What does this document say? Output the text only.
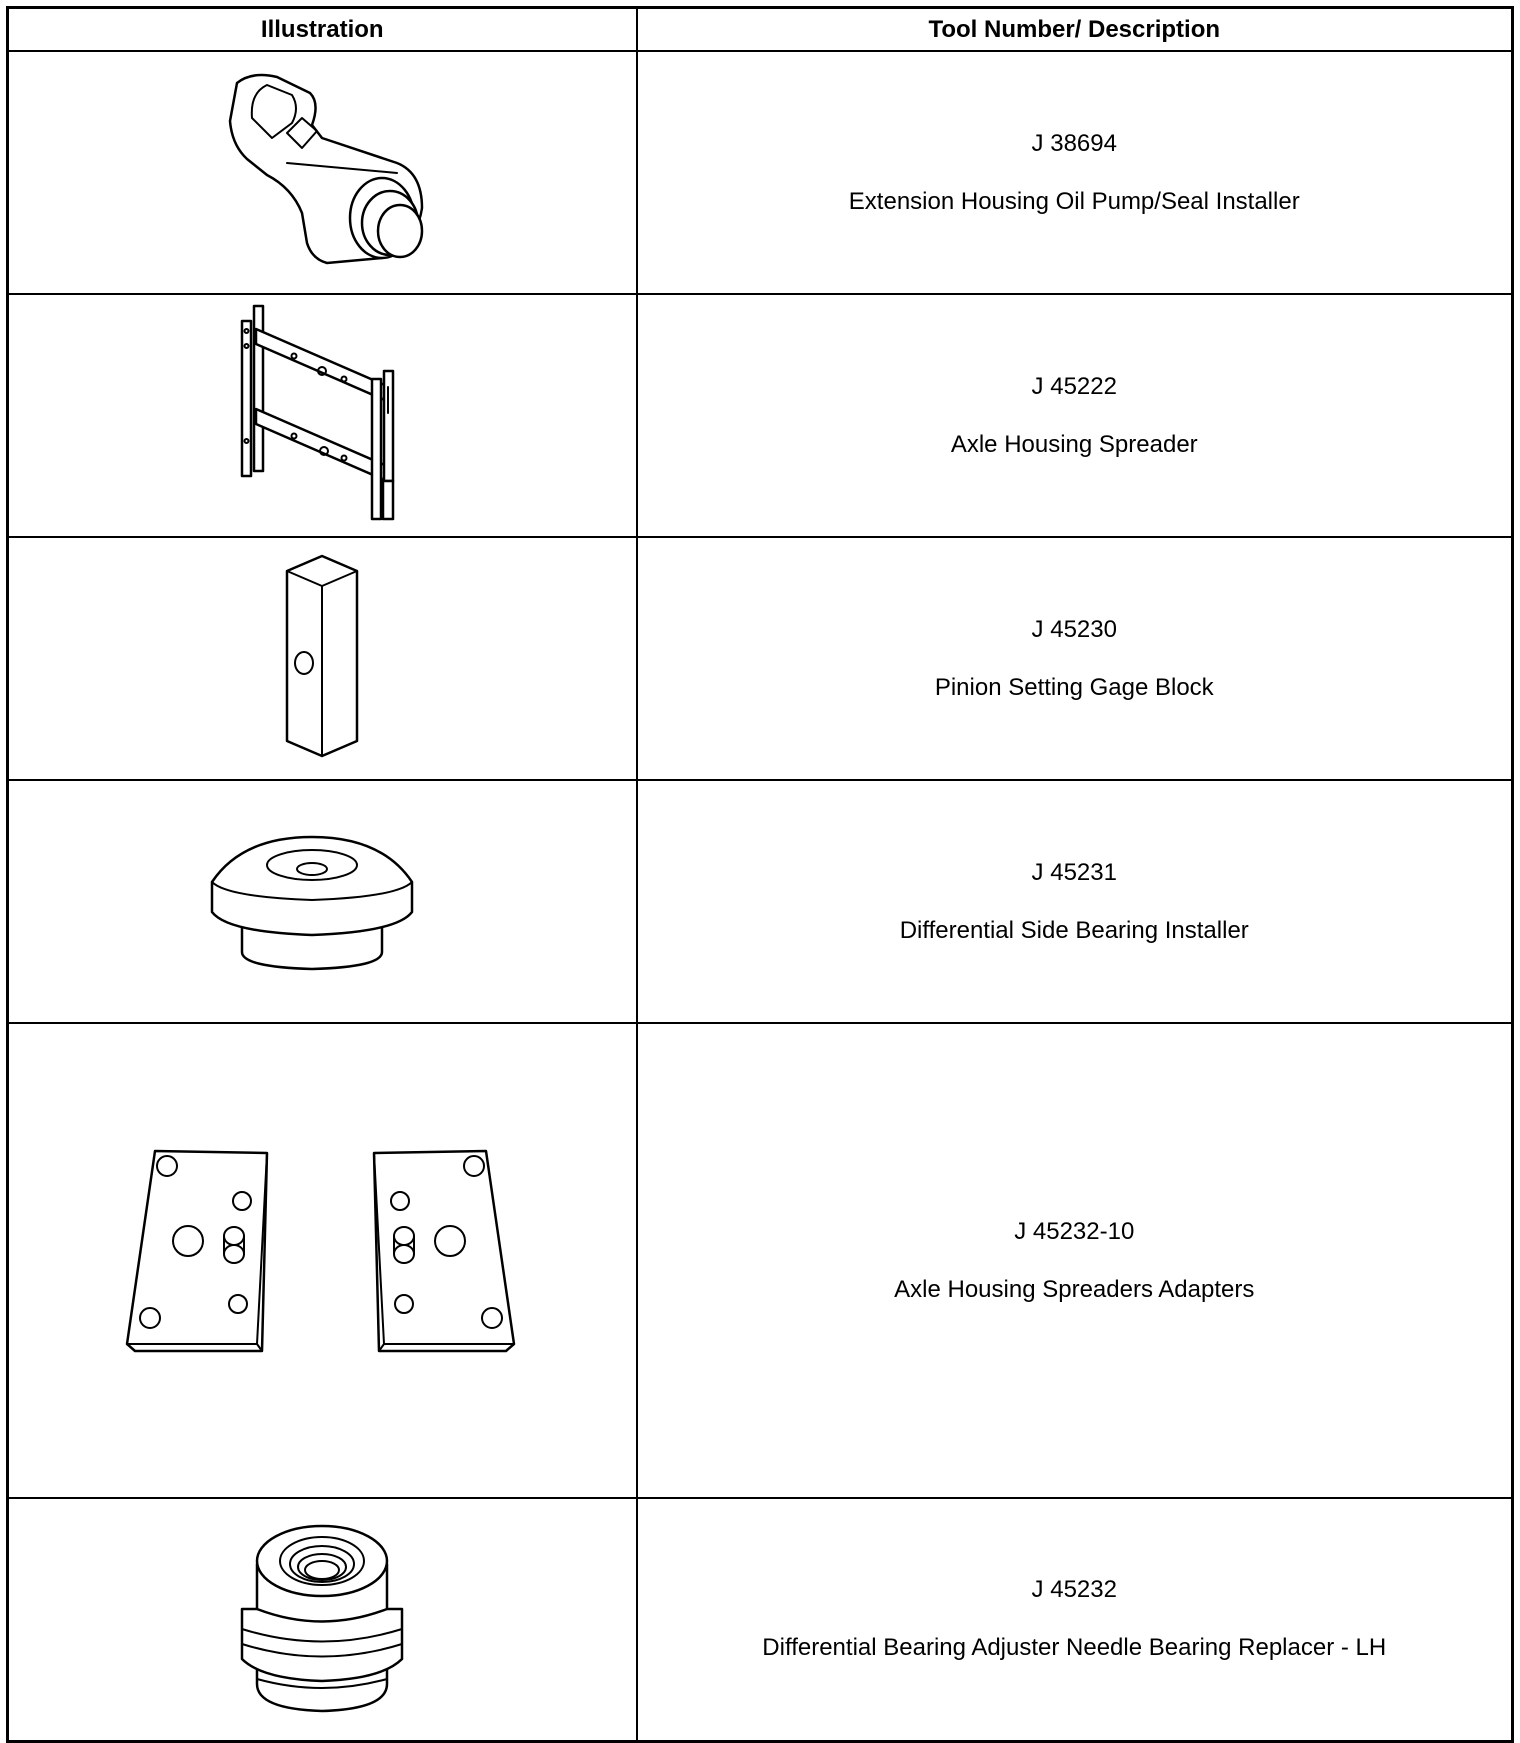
Illustration	Tool Number/ Description

J 38694
Extension Housing Oil Pump/Seal Installer

J 45222
Axle Housing Spreader

J 45230
Pinion Setting Gage Block

J 45231
Differential Side Bearing Installer

J 45232-10
Axle Housing Spreaders Adapters

J 45232
Differential Bearing Adjuster Needle Bearing Replacer - LH
